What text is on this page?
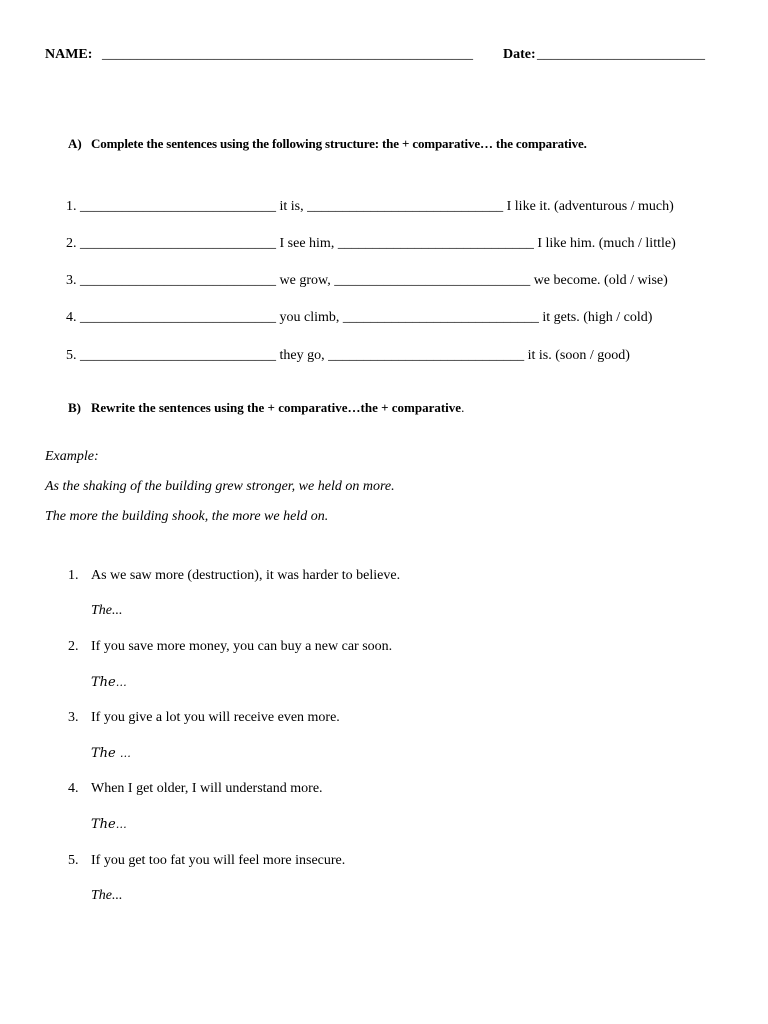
NAME: _____________________________________________________ Date: ________________________
A) Complete the sentences using the following structure: the + comparative… the comparative.

1. ____________________________ it is, ____________________________ I like it. (adventurous / much)

2. ____________________________ I see him, ____________________________ I like him. (much / little)

3. ____________________________ we grow, ____________________________ we become. (old / wise)

4. ____________________________ you climb, ____________________________ it gets. (high / cold)

5. ____________________________ they go, ____________________________ it is. (soon / good)

B) Rewrite the sentences using the + comparative…the + comparative.
Example:
As the shaking of the building grew stronger, we held on more.
The more the building shook, the more we held on.
1. As we saw more (destruction), it was harder to believe.
The...
2. If you save more money, you can buy a new car soon.
The…
3. If you give a lot you will receive even more.
The …
4. When I get older, I will understand more.
The…
5. If you get too fat you will feel more insecure.
The...
